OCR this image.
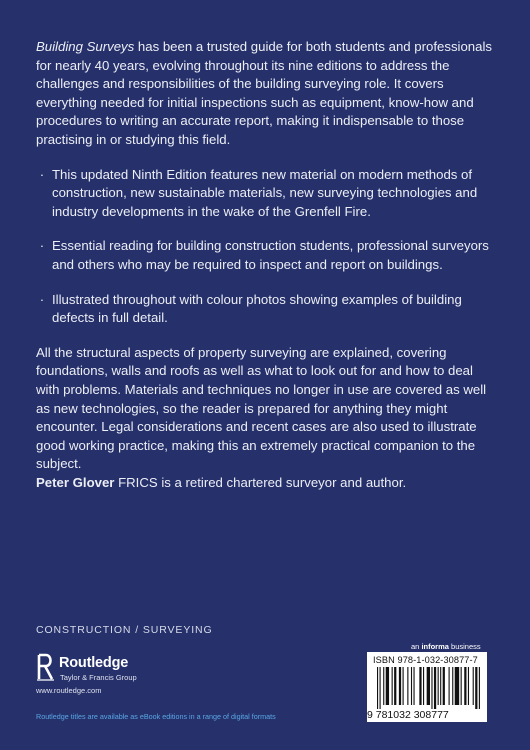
Building Surveys has been a trusted guide for both students and professionals for nearly 40 years, evolving throughout its nine editions to address the challenges and responsibilities of the building surveying role. It covers everything needed for initial inspections such as equipment, know-how and procedures to writing an accurate report, making it indispensable to those practising in or studying this field.

· This updated Ninth Edition features new material on modern methods of construction, new sustainable materials, new surveying technologies and industry developments in the wake of the Grenfell Fire.
· Essential reading for building construction students, professional surveyors and others who may be required to inspect and report on buildings.
· Illustrated throughout with colour photos showing examples of building defects in full detail.

All the structural aspects of property surveying are explained, covering foundations, walls and roofs as well as what to look out for and how to deal with problems. Materials and techniques no longer in use are covered as well as new technologies, so the reader is prepared for anything they might encounter. Legal considerations and recent cases are also used to illustrate good working practice, making this an extremely practical companion to the subject.

Peter Glover FRICS is a retired chartered surveyor and author.

CONSTRUCTION / SURVEYING
Routledge
Taylor & Francis Group
www.routledge.com
Routledge titles are available as eBook editions in a range of digital formats
an informa business
ISBN 978-1-032-30877-7
9 781032 308777
